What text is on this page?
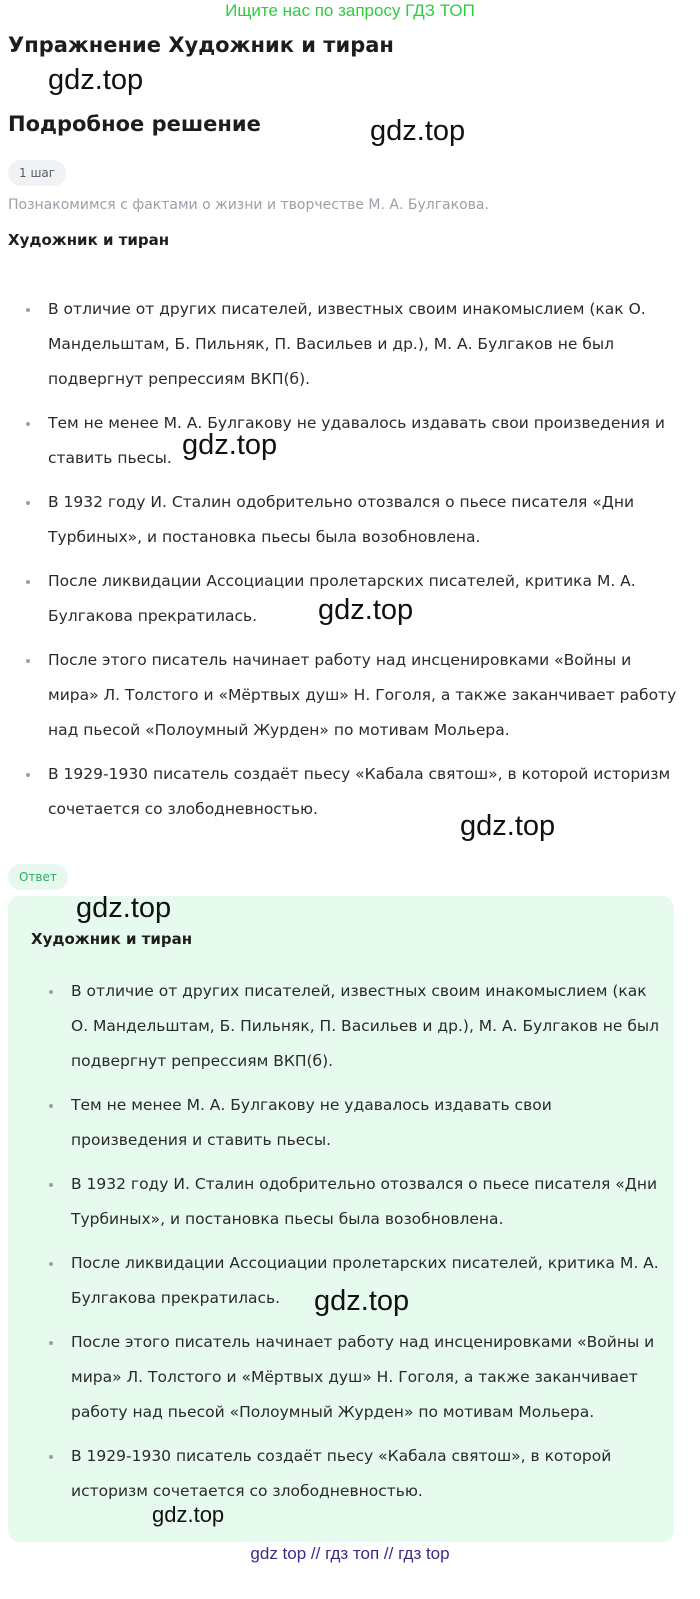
Ищите нас по запросу ГДЗ ТОП
Упражнение Художник и тиран
gdz.top
Подробное решение	gdz.top
1 шаг
Познакомимся с фактами о жизни и творчестве М. А. Булгакова.
Художник и тиран
В отличие от других писателей, известных своим инакомыслием (как О. Мандельштам, Б. Пильняк, П. Васильев и др.), М. А. Булгаков не был подвергнут репрессиям ВКП(б).
Тем не менее М. А. Булгакову не удавалось издавать свои произведения и ставить пьесы.
В 1932 году И. Сталин одобрительно отозвался о пьесе писателя «Дни Турбиных», и постановка пьесы была возобновлена.
После ликвидации Ассоциации пролетарских писателей, критика М. А. Булгакова прекратилась.
После этого писатель начинает работу над инсценировками «Войны и мира» Л. Толстого и «Мёртвых душ» Н. Гоголя, а также заканчивает работу над пьесой «Полоумный Журден» по мотивам Мольера.
В 1929-1930 писатель создаёт пьесу «Кабала святош», в которой историзм сочетается со злободневностью.
gdz.top
gdz.top
gdz.top
Ответ
gdz.top
Художник и тиран
В отличие от других писателей, известных своим инакомыслием (как О. Мандельштам, Б. Пильняк, П. Васильев и др.), М. А. Булгаков не был подвергнут репрессиям ВКП(б).
Тем не менее М. А. Булгакову не удавалось издавать свои произведения и ставить пьесы.
В 1932 году И. Сталин одобрительно отозвался о пьесе писателя «Дни Турбиных», и постановка пьесы была возобновлена.
После ликвидации Ассоциации пролетарских писателей, критика М. А. Булгакова прекратилась.
После этого писатель начинает работу над инсценировками «Войны и мира» Л. Толстого и «Мёртвых душ» Н. Гоголя, а также заканчивает работу над пьесой «Полоумный Журден» по мотивам Мольера.
В 1929-1930 писатель создаёт пьесу «Кабала святош», в которой историзм сочетается со злободневностью.
gdz.top
gdz.top
gdz top // гдз топ // гдз top
